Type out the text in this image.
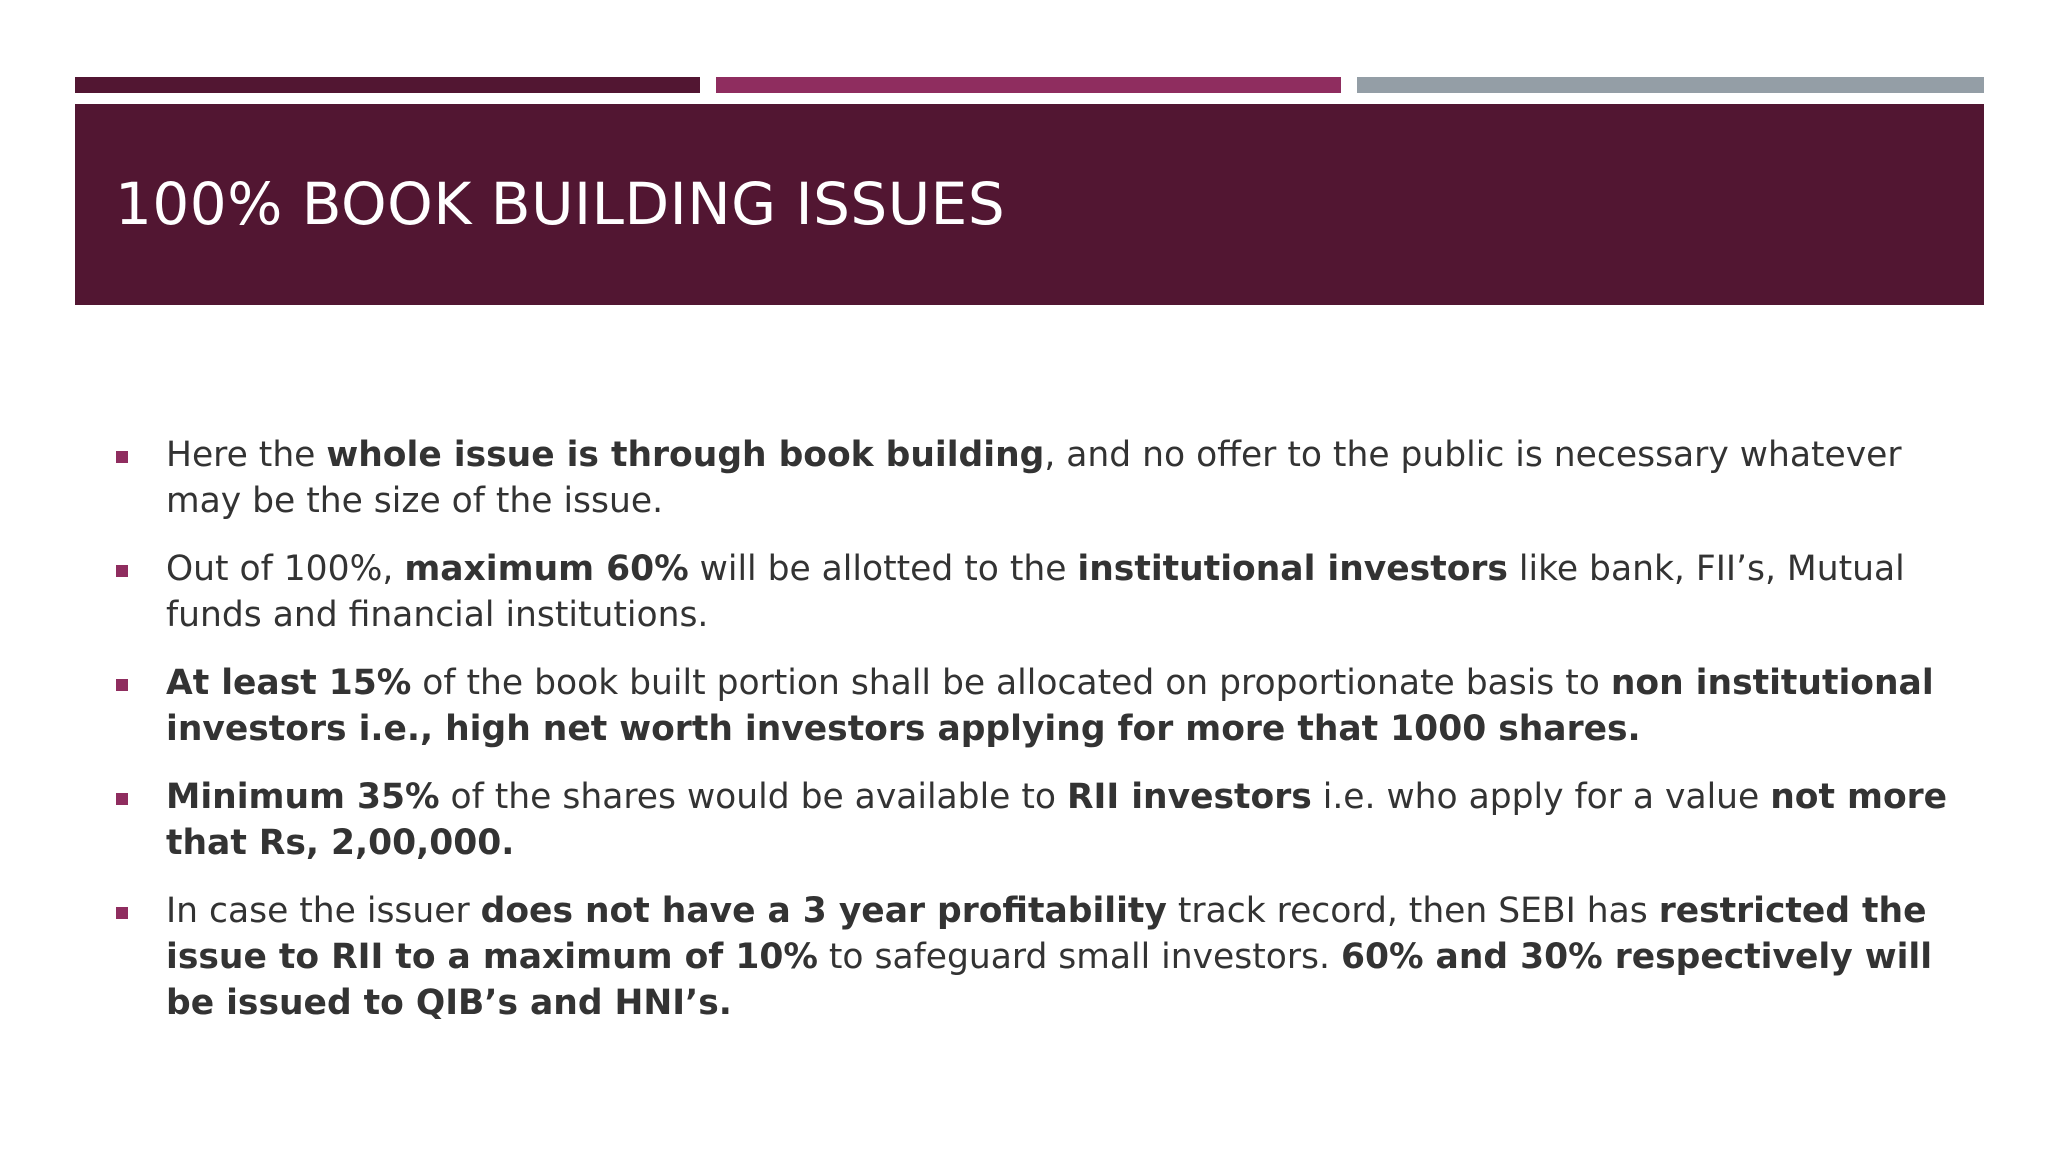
100% BOOK BUILDING ISSUES
Here the whole issue is through book building, and no offer to the public is necessary whatever may be the size of the issue.
Out of 100%, maximum 60% will be allotted to the institutional investors like bank, FII’s, Mutual funds and financial institutions.
At least 15% of the book built portion shall be allocated on proportionate basis to non institutional investors i.e., high net worth investors applying for more that 1000 shares.
Minimum 35% of the shares would be available to RII investors i.e. who apply for a value not more that Rs, 2,00,000.
In case the issuer does not have a 3 year profitability track record, then SEBI has restricted the issue to RII to a maximum of 10% to safeguard small investors. 60% and 30% respectively will be issued to QIB’s and HNI’s.
